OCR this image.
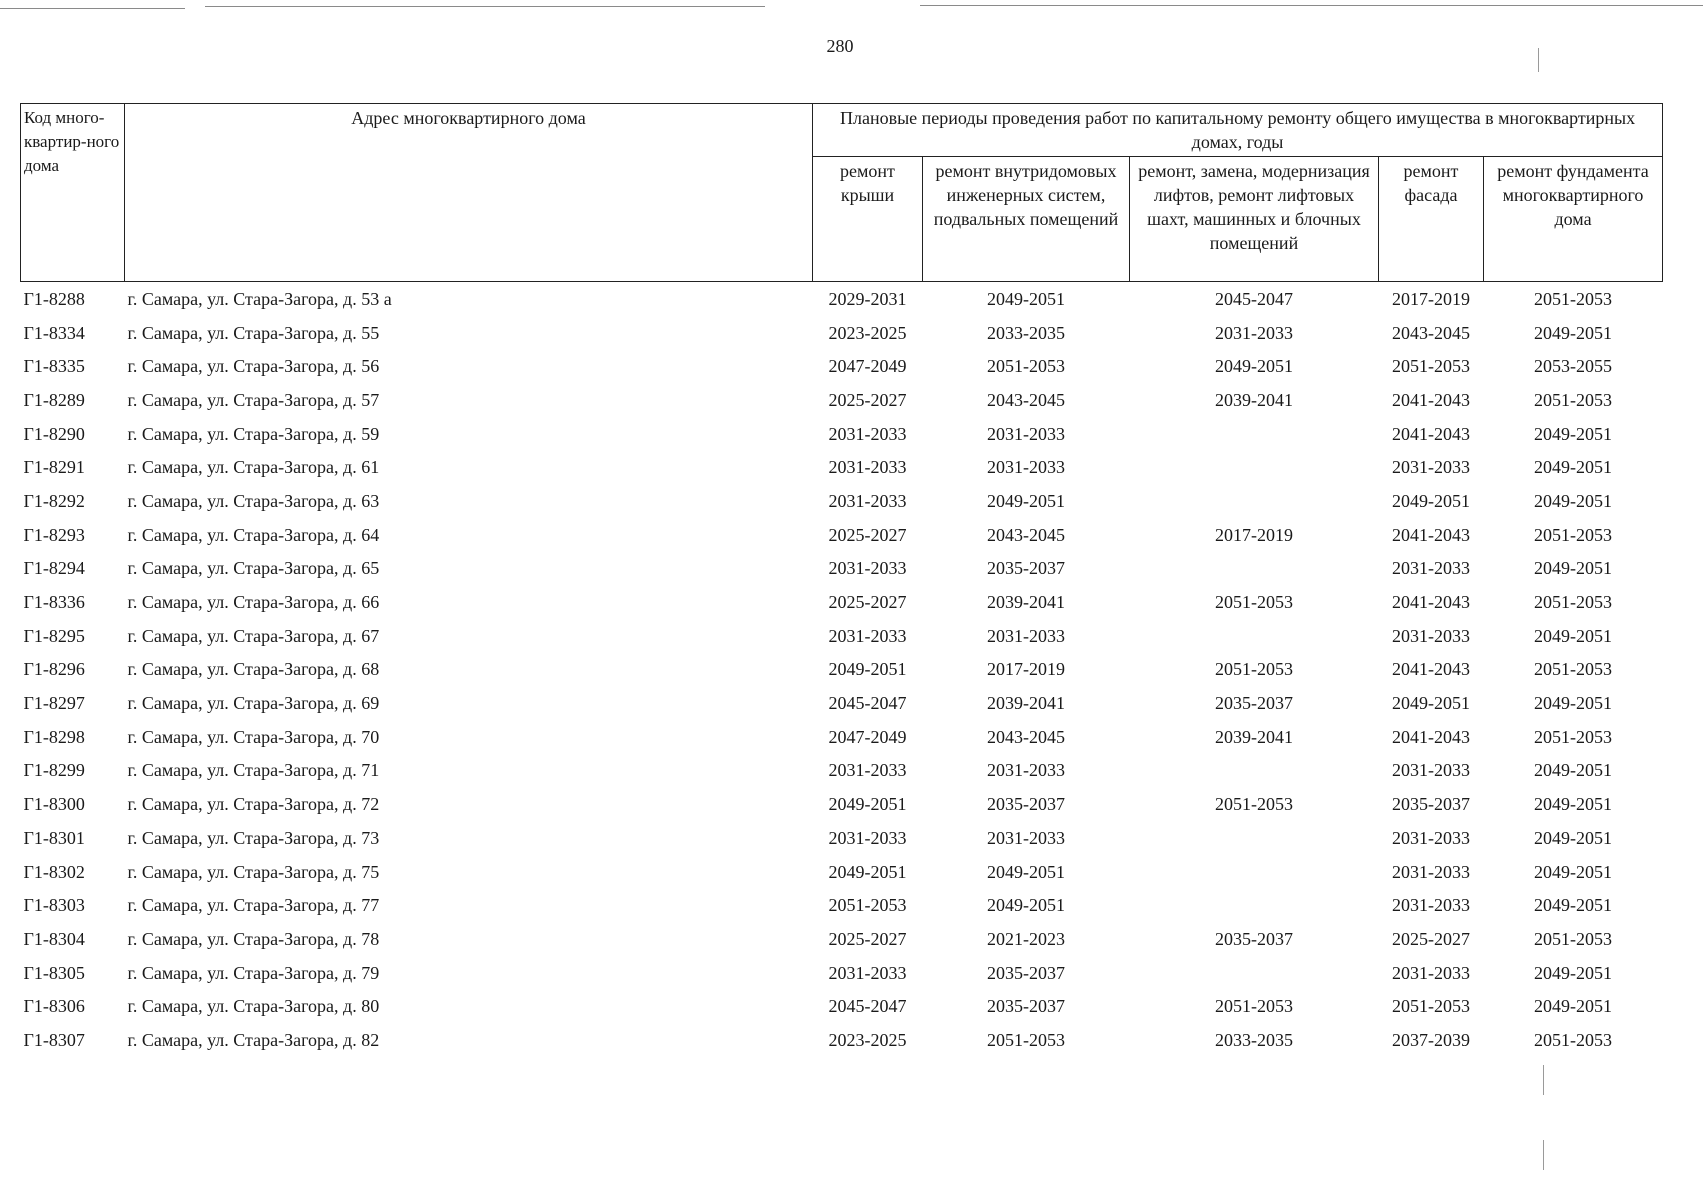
280
Код много-квартир-ного дома	Адрес многоквартирного дома	Плановые периоды проведения работ по капитальному ремонту общего имущества в многоквартирных домах, годы				
		ремонт крыши	ремонт внутридомовых инженерных систем, подвальных помещений	ремонт, замена, модернизация лифтов, ремонт лифтовых шахт, машинных и блочных помещений	ремонт фасада	ремонт фундамента многоквартирного дома
Г1-8288	г. Самара, ул. Стара-Загора, д. 53 а	2029-2031	2049-2051	2045-2047	2017-2019	2051-2053
Г1-8334	г. Самара, ул. Стара-Загора, д. 55	2023-2025	2033-2035	2031-2033	2043-2045	2049-2051
Г1-8335	г. Самара, ул. Стара-Загора, д. 56	2047-2049	2051-2053	2049-2051	2051-2053	2053-2055
Г1-8289	г. Самара, ул. Стара-Загора, д. 57	2025-2027	2043-2045	2039-2041	2041-2043	2051-2053
Г1-8290	г. Самара, ул. Стара-Загора, д. 59	2031-2033	2031-2033		2041-2043	2049-2051
Г1-8291	г. Самара, ул. Стара-Загора, д. 61	2031-2033	2031-2033		2031-2033	2049-2051
Г1-8292	г. Самара, ул. Стара-Загора, д. 63	2031-2033	2049-2051		2049-2051	2049-2051
Г1-8293	г. Самара, ул. Стара-Загора, д. 64	2025-2027	2043-2045	2017-2019	2041-2043	2051-2053
Г1-8294	г. Самара, ул. Стара-Загора, д. 65	2031-2033	2035-2037		2031-2033	2049-2051
Г1-8336	г. Самара, ул. Стара-Загора, д. 66	2025-2027	2039-2041	2051-2053	2041-2043	2051-2053
Г1-8295	г. Самара, ул. Стара-Загора, д. 67	2031-2033	2031-2033		2031-2033	2049-2051
Г1-8296	г. Самара, ул. Стара-Загора, д. 68	2049-2051	2017-2019	2051-2053	2041-2043	2051-2053
Г1-8297	г. Самара, ул. Стара-Загора, д. 69	2045-2047	2039-2041	2035-2037	2049-2051	2049-2051
Г1-8298	г. Самара, ул. Стара-Загора, д. 70	2047-2049	2043-2045	2039-2041	2041-2043	2051-2053
Г1-8299	г. Самара, ул. Стара-Загора, д. 71	2031-2033	2031-2033		2031-2033	2049-2051
Г1-8300	г. Самара, ул. Стара-Загора, д. 72	2049-2051	2035-2037	2051-2053	2035-2037	2049-2051
Г1-8301	г. Самара, ул. Стара-Загора, д. 73	2031-2033	2031-2033		2031-2033	2049-2051
Г1-8302	г. Самара, ул. Стара-Загора, д. 75	2049-2051	2049-2051		2031-2033	2049-2051
Г1-8303	г. Самара, ул. Стара-Загора, д. 77	2051-2053	2049-2051		2031-2033	2049-2051
Г1-8304	г. Самара, ул. Стара-Загора, д. 78	2025-2027	2021-2023	2035-2037	2025-2027	2051-2053
Г1-8305	г. Самара, ул. Стара-Загора, д. 79	2031-2033	2035-2037		2031-2033	2049-2051
Г1-8306	г. Самара, ул. Стара-Загора, д. 80	2045-2047	2035-2037	2051-2053	2051-2053	2049-2051
Г1-8307	г. Самара, ул. Стара-Загора, д. 82	2023-2025	2051-2053	2033-2035	2037-2039	2051-2053
